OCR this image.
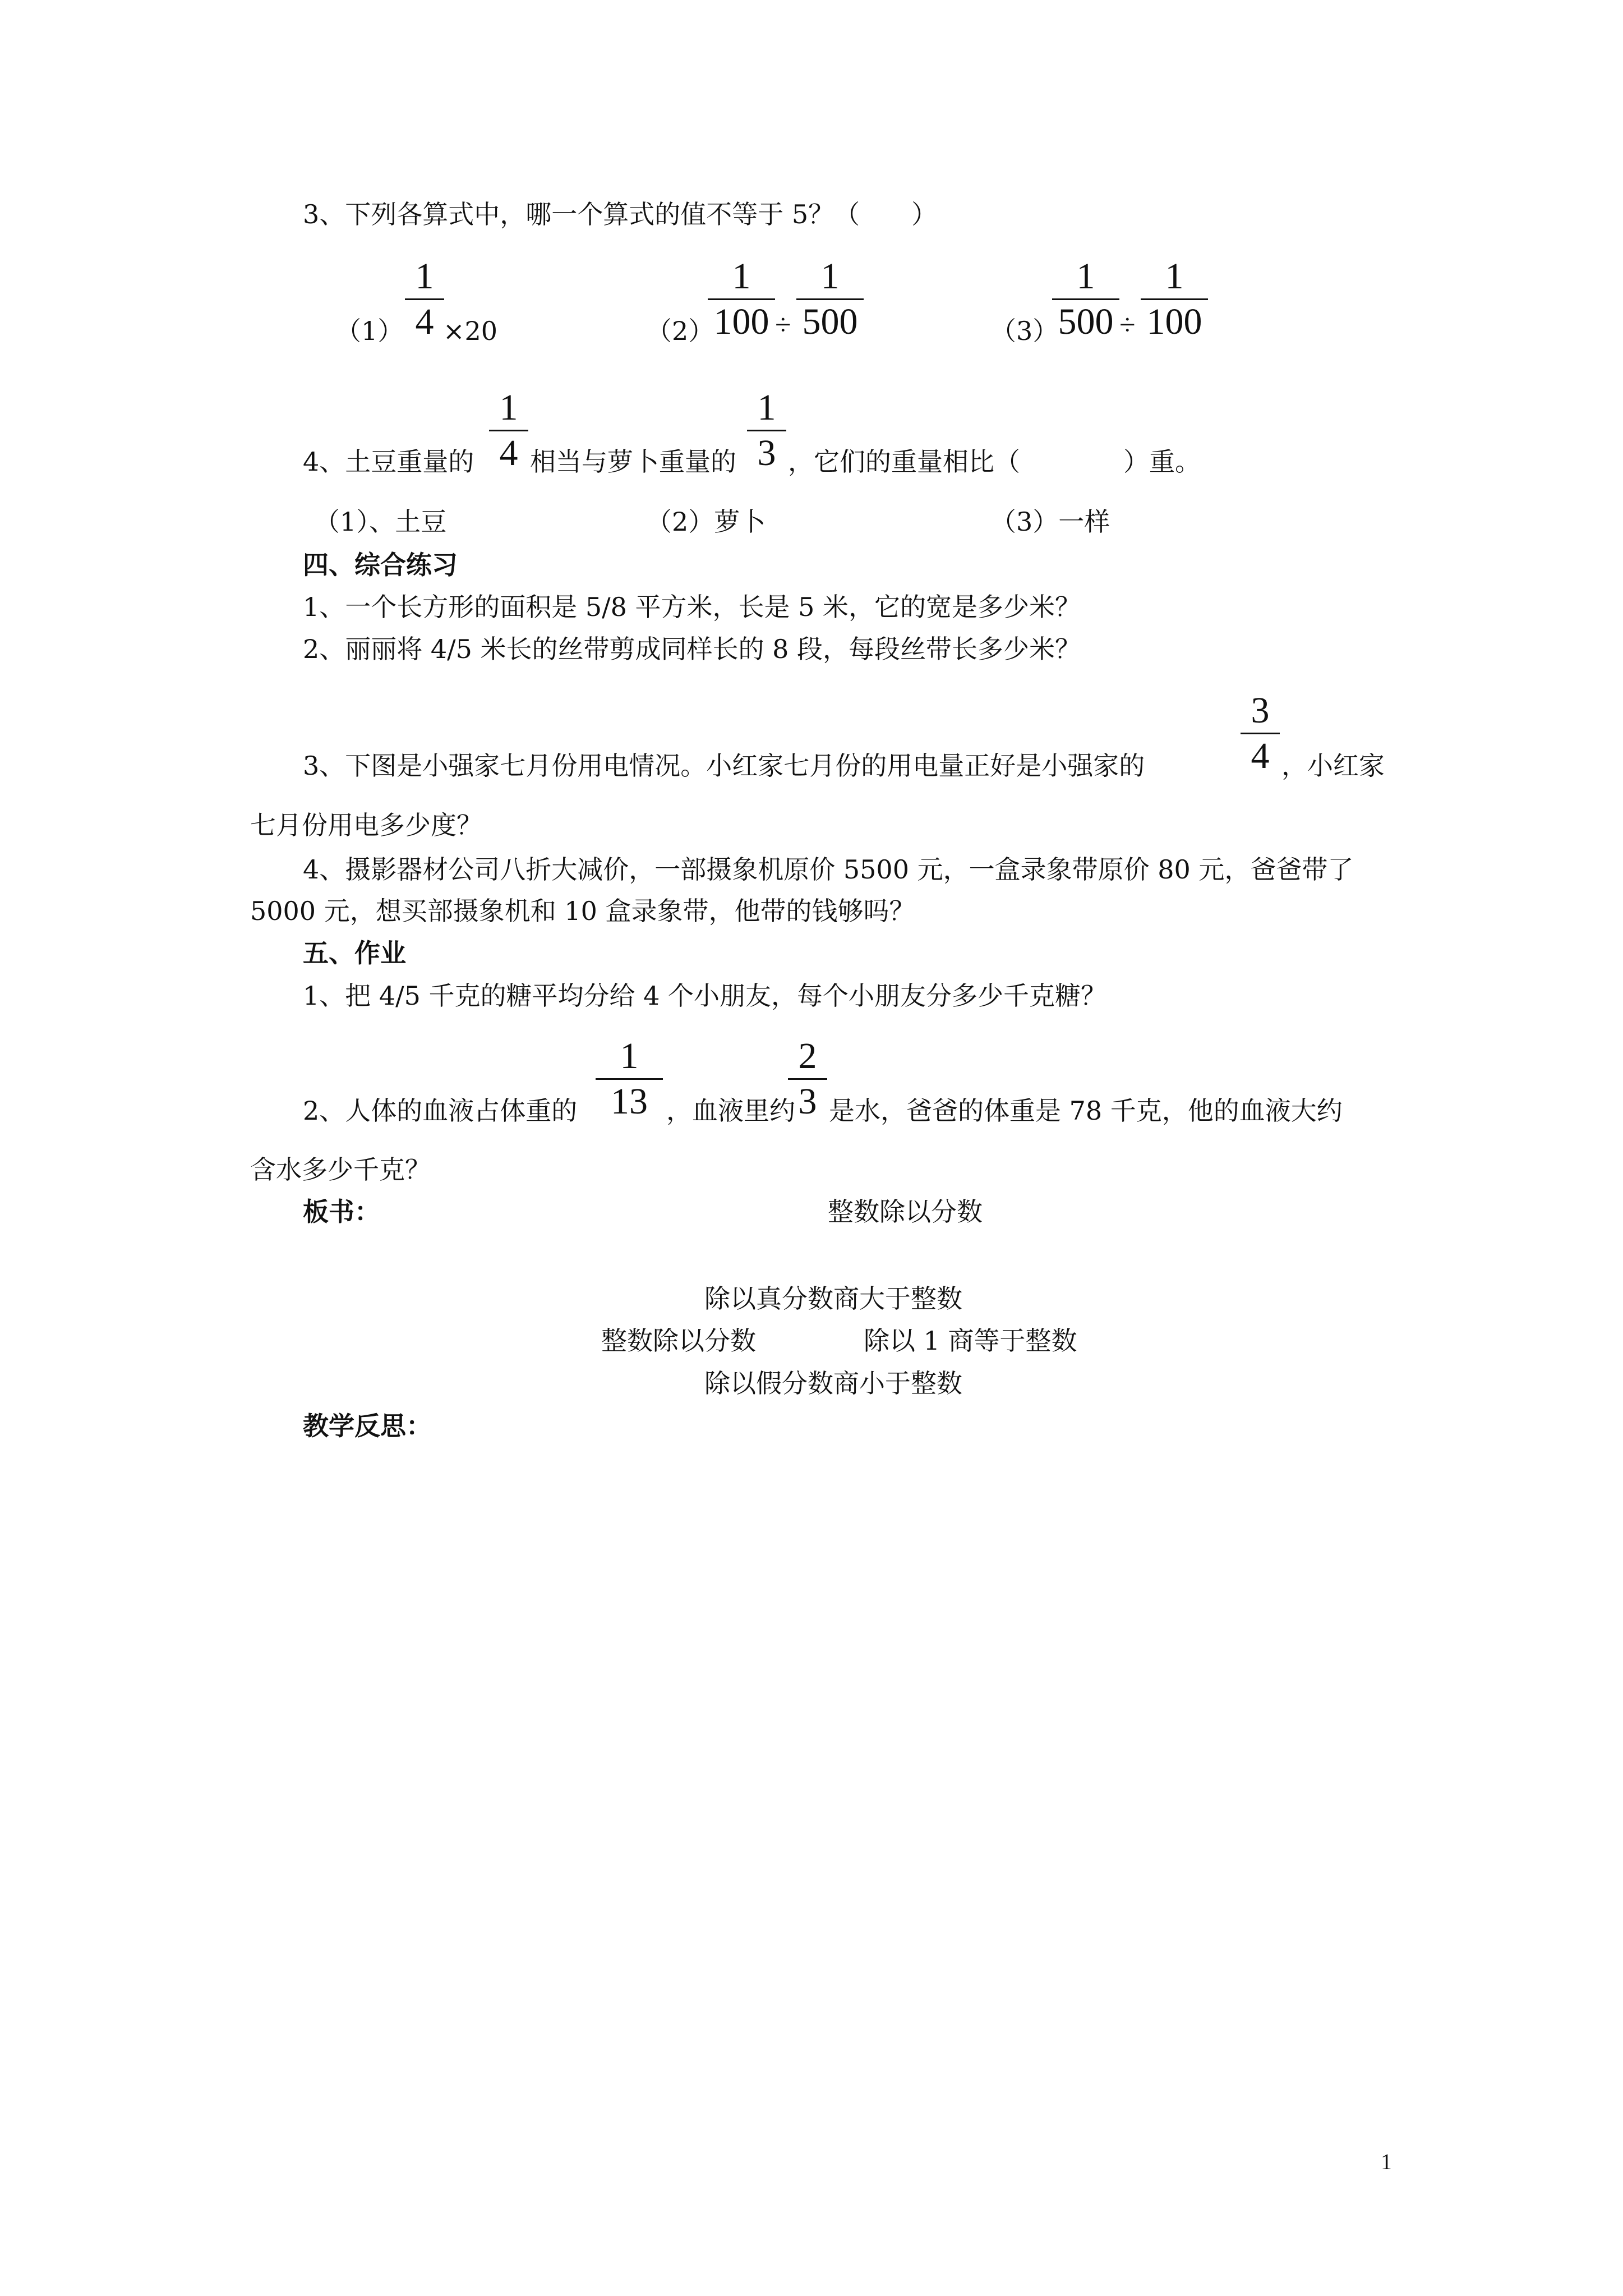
3、下列各算式中，哪一个算式的值不等于 5？（　　）
（1）
1
4 ×20	（2）
1
100 ÷
1
500	（3）
1
500 ÷
1
100
4、土豆重量的
1
4 相当与萝卜重量的
1
3 ，它们的重量相比（　　　　）重。
（1）、土豆	（2）萝卜	（3）一样
四、综合练习
1、一个长方形的面积是 5/8 平方米，长是 5 米，它的宽是多少米？
2、丽丽将 4/5 米长的丝带剪成同样长的 8 段，每段丝带长多少米？
3、下图是小强家七月份用电情况。小红家七月份的用电量正好是小强家的
3
4 ，小红家
七月份用电多少度？
4、摄影器材公司八折大减价，一部摄象机原价 5500 元，一盒录象带原价 80 元，爸爸带了
5000 元，想买部摄象机和 10 盒录象带，他带的钱够吗？
五、作业
1、把 4/5 千克的糖平均分给 4 个小朋友，每个小朋友分多少千克糖？
2、人体的血液占体重的
1
13 ，血液里约
2
3 是水，爸爸的体重是 78 千克，他的血液大约
含水多少千克？
板书：	整数除以分数
除以真分数商大于整数
整数除以分数	除以 1 商等于整数
除以假分数商小于整数
教学反思：
1
